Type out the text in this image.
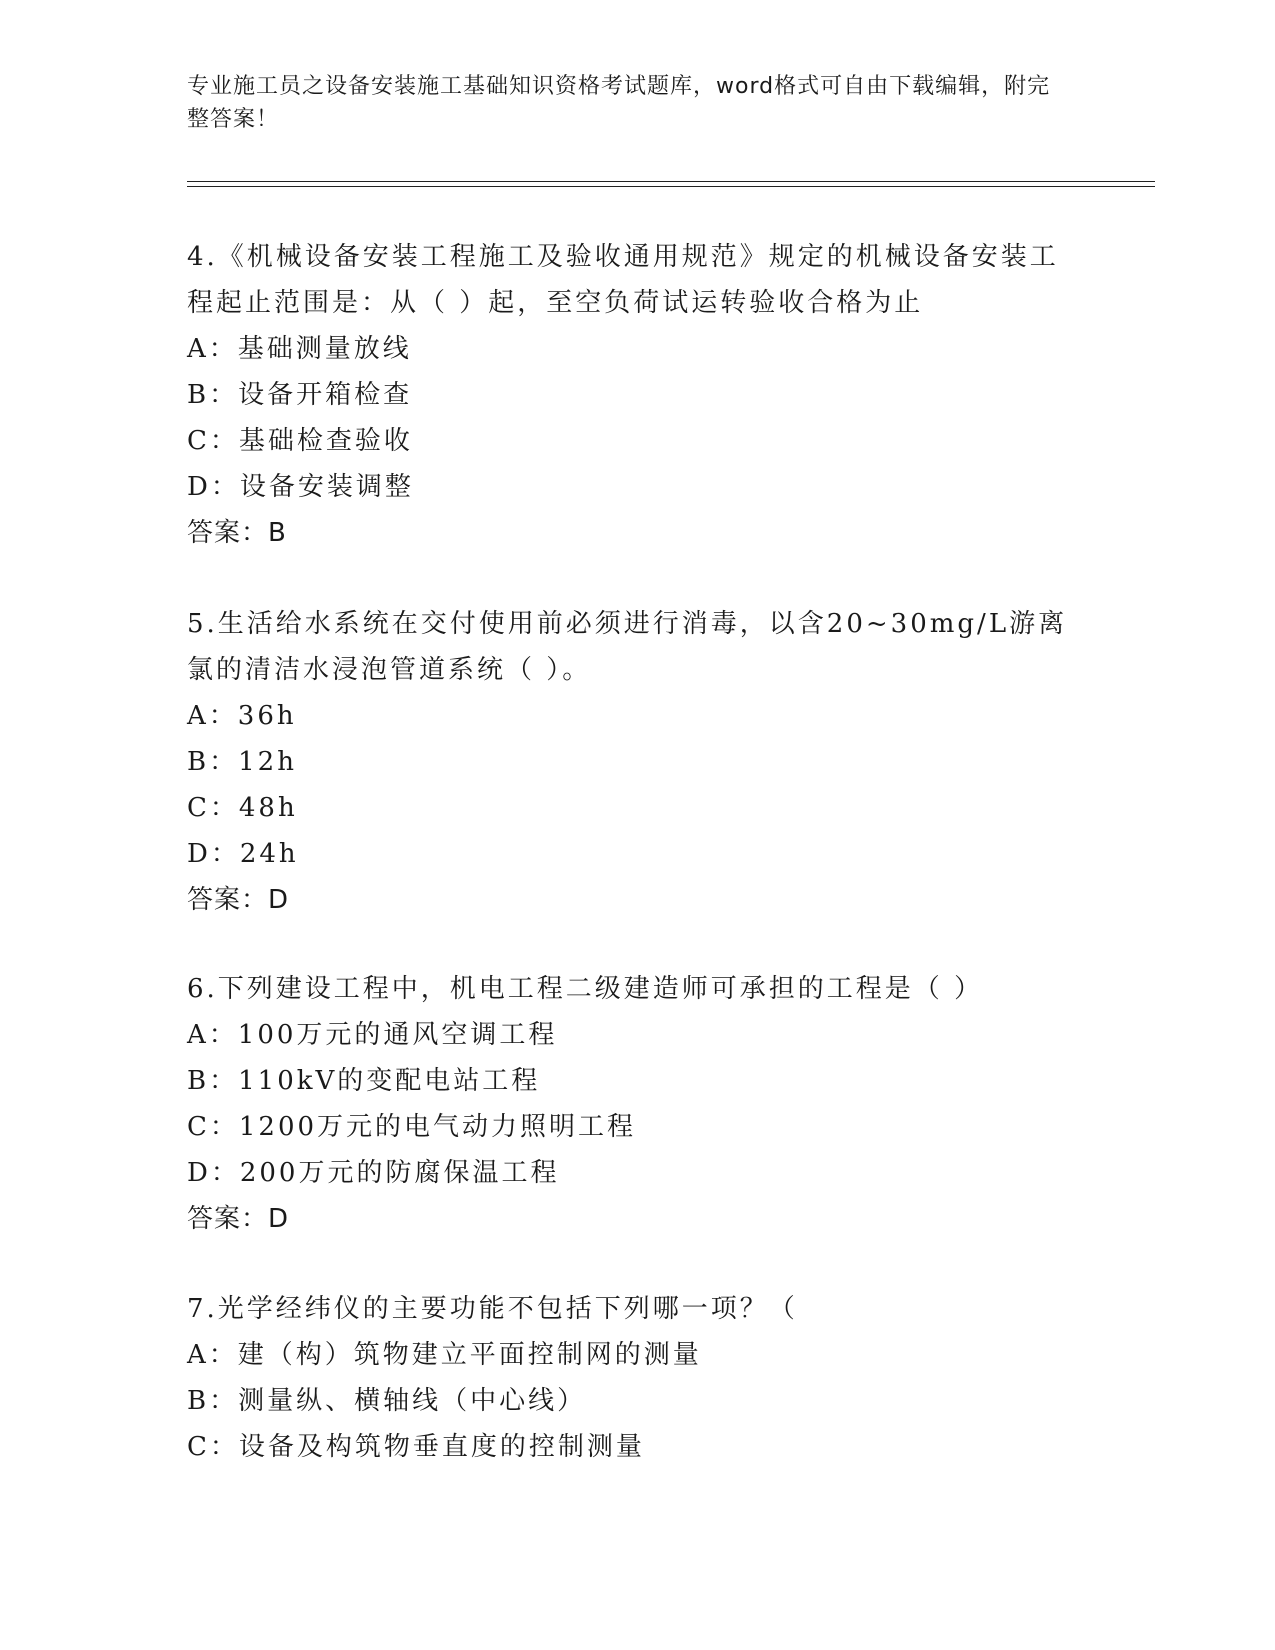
专业施工员之设备安装施工基础知识资格考试题库，word格式可自由下载编辑，附完整答案！

4.《机械设备安装工程施工及验收通用规范》规定的机械设备安装工程起止范围是：从（ ）起，至空负荷试运转验收合格为止

A：基础测量放线
B：设备开箱检查
C：基础检查验收
D：设备安装调整
答案：B

5.生活给水系统在交付使用前必须进行消毒，以含20~30mg/L游离氯的清洁水浸泡管道系统（ ）。

A：36h
B：12h
C：48h
D：24h
答案：D

6.下列建设工程中，机电工程二级建造师可承担的工程是（ ）

A：100万元的通风空调工程
B：110kV的变配电站工程
C：1200万元的电气动力照明工程
D：200万元的防腐保温工程
答案：D

7.光学经纬仪的主要功能不包括下列哪一项？（

A：建（构）筑物建立平面控制网的测量
B：测量纵、横轴线（中心线）
C：设备及构筑物垂直度的控制测量
